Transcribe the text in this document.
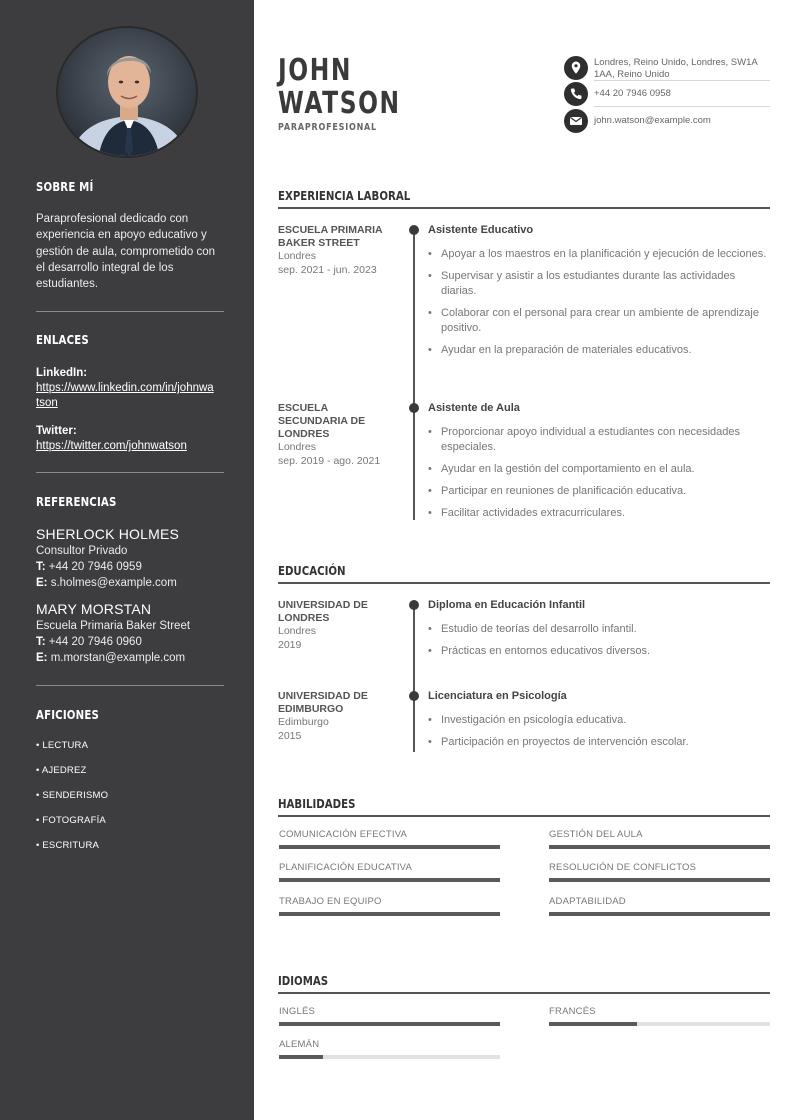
SOBRE MÍ
Paraprofesional dedicado con experiencia en apoyo educativo y gestión de aula, comprometido con el desarrollo integral de los estudiantes.
ENLACES
LinkedIn:
https://www.linkedin.com/in/johnwatson
Twitter:
https://twitter.com/johnwatson
REFERENCIAS
SHERLOCK HOLMES
Consultor Privado
T: +44 20 7946 0959
E: s.holmes@example.com
MARY MORSTAN
Escuela Primaria Baker Street
T: +44 20 7946 0960
E: m.morstan@example.com
AFICIONES
• LECTURA
• AJEDREZ
• SENDERISMO
• FOTOGRAFÍA
• ESCRITURA
JOHN
WATSON
PARAPROFESIONAL
Londres, Reino Unido, Londres, SW1A 1AA, Reino Unido
+44 20 7946 0958
john.watson@example.com
EXPERIENCIA LABORAL
ESCUELA PRIMARIA BAKER STREET
Londres
sep. 2021 - jun. 2023
Asistente Educativo
• Apoyar a los maestros en la planificación y ejecución de lecciones.
• Supervisar y asistir a los estudiantes durante las actividades diarias.
• Colaborar con el personal para crear un ambiente de aprendizaje positivo.
• Ayudar en la preparación de materiales educativos.
ESCUELA SECUNDARIA DE LONDRES
Londres
sep. 2019 - ago. 2021
Asistente de Aula
• Proporcionar apoyo individual a estudiantes con necesidades especiales.
• Ayudar en la gestión del comportamiento en el aula.
• Participar en reuniones de planificación educativa.
• Facilitar actividades extracurriculares.
EDUCACIÓN
UNIVERSIDAD DE LONDRES
Londres
2019
Diploma en Educación Infantil
• Estudio de teorías del desarrollo infantil.
• Prácticas en entornos educativos diversos.
UNIVERSIDAD DE EDIMBURGO
Edimburgo
2015
Licenciatura en Psicología
• Investigación en psicología educativa.
• Participación en proyectos de intervención escolar.
HABILIDADES
COMUNICACIÓN EFECTIVA	GESTIÓN DEL AULA
PLANIFICACIÓN EDUCATIVA	RESOLUCIÓN DE CONFLICTOS
TRABAJO EN EQUIPO	ADAPTABILIDAD
IDIOMAS
INGLÉS	FRANCÉS
ALEMÁN
